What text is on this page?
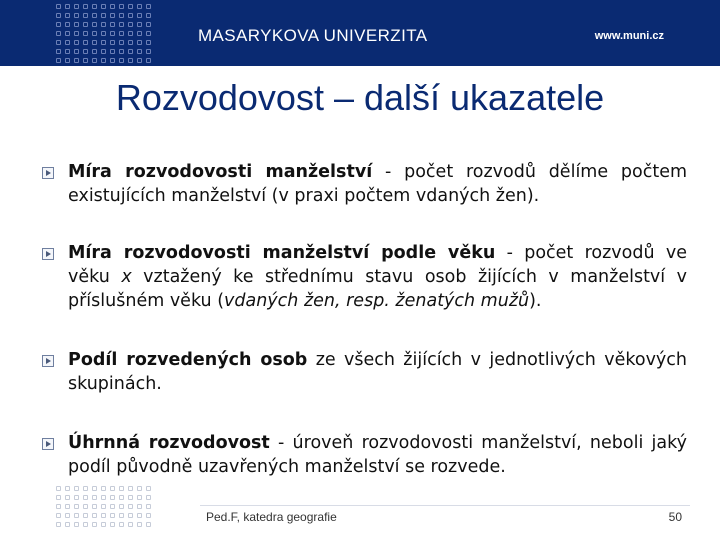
MASARYKOVA UNIVERZITA	www.muni.cz
Rozvodovost – další ukazatele
Míra rozvodovosti manželství - počet rozvodů dělíme počtem existujících manželství (v praxi počtem vdaných žen).
Míra rozvodovosti manželství podle věku - počet rozvodů ve věku x vztažený ke střednímu stavu osob žijících v manželství v příslušném věku (vdaných žen, resp. ženatých mužů).
Podíl rozvedených osob ze všech žijících v jednotlivých věkových skupinách.
Úhrnná rozvodovost - úroveň rozvodovosti manželství, neboli jaký podíl původně uzavřených manželství se rozvede.
Ped.F, katedra geografie	50
